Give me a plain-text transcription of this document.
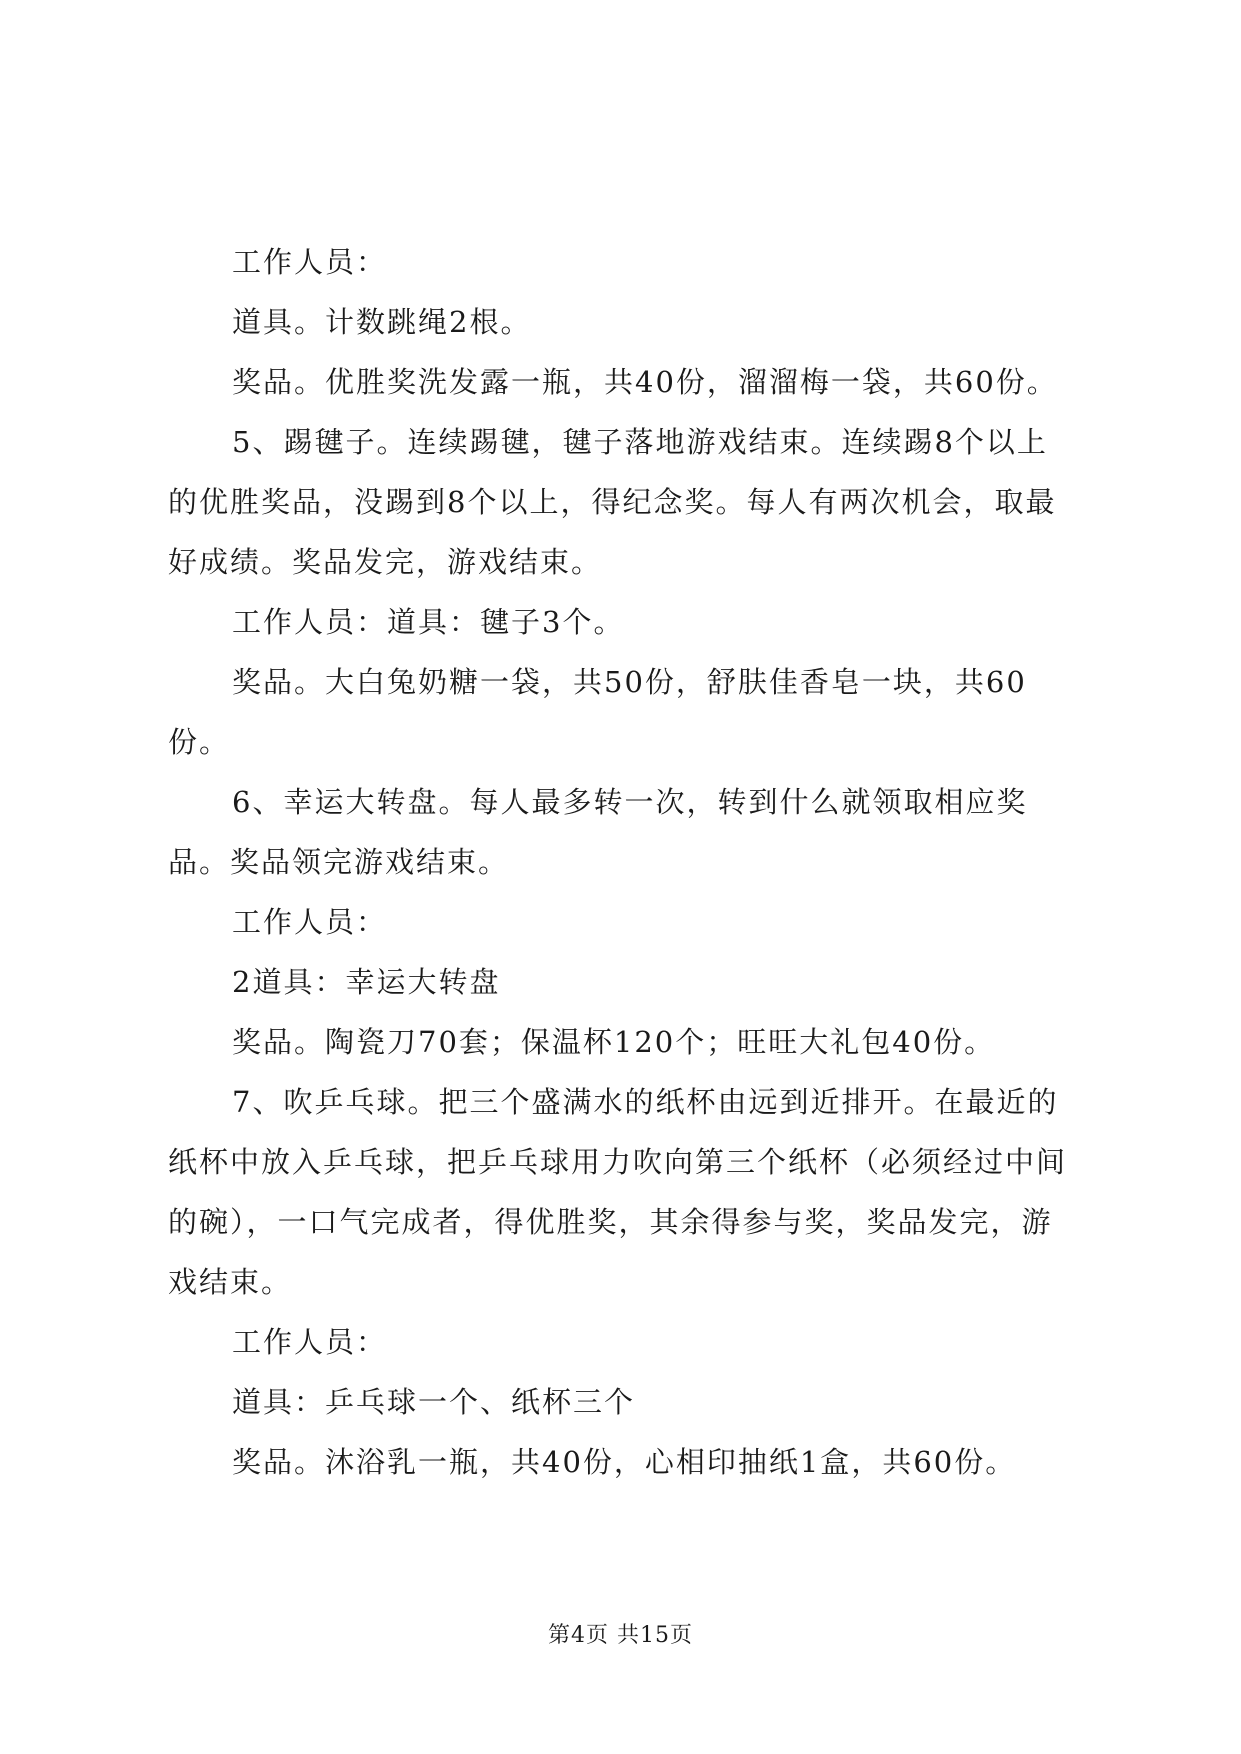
工作人员：

道具。计数跳绳2根。

奖品。优胜奖洗发露一瓶，共40份，溜溜梅一袋，共60份。

5、踢毽子。连续踢毽，毽子落地游戏结束。连续踢8个以上的优胜奖品，没踢到8个以上，得纪念奖。每人有两次机会，取最好成绩。奖品发完，游戏结束。

工作人员：道具：毽子3个。

奖品。大白兔奶糖一袋，共50份，舒肤佳香皂一块，共60份。

6、幸运大转盘。每人最多转一次，转到什么就领取相应奖品。奖品领完游戏结束。

工作人员：

2道具：幸运大转盘

奖品。陶瓷刀70套；保温杯120个；旺旺大礼包40份。

7、吹乒乓球。把三个盛满水的纸杯由远到近排开。在最近的纸杯中放入乒乓球，把乒乓球用力吹向第三个纸杯（必须经过中间的碗），一口气完成者，得优胜奖，其余得参与奖，奖品发完，游戏结束。

工作人员：

道具：乒乓球一个、纸杯三个

奖品。沐浴乳一瓶，共40份，心相印抽纸1盒，共60份。

第4页 共15页
